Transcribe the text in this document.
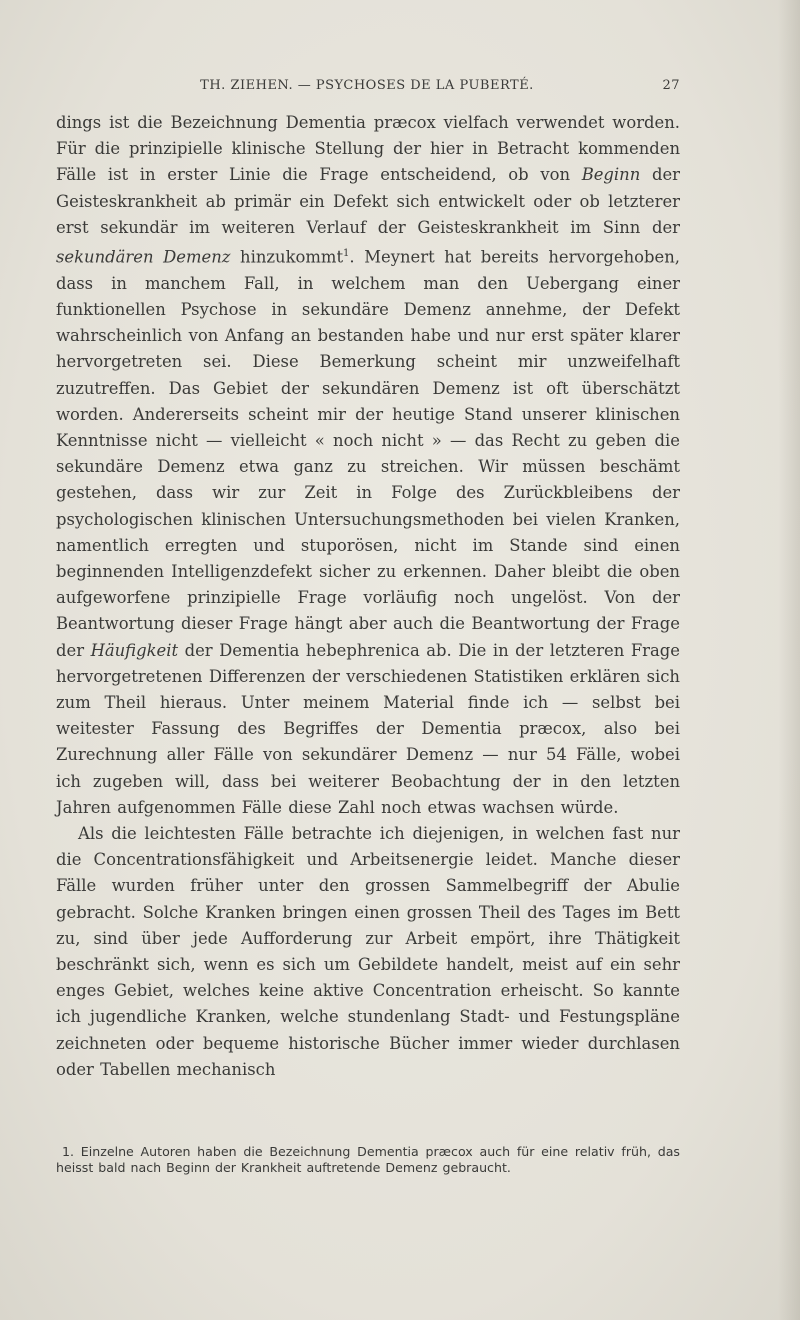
TH. ZIEHEN. — PSYCHOSES DE LA PUBERTÉ.	27

dings ist die Bezeichnung Dementia præcox vielfach verwendet worden. Für die prinzipielle klinische Stellung der hier in Betracht kommenden Fälle ist in erster Linie die Frage entscheidend, ob von Beginn der Geisteskrankheit ab primär ein Defekt sich entwickelt oder ob letzterer erst sekundär im weiteren Verlauf der Geisteskrankheit im Sinn der sekundären Demenz hinzukommt$^1$. Meynert hat bereits hervorgehoben, dass in manchem Fall, in welchem man den Uebergang einer funktionellen Psychose in sekundäre Demenz annehme, der Defekt wahrscheinlich von Anfang an bestanden habe und nur erst später klarer hervorgetreten sei. Diese Bemerkung scheint mir unzweifelhaft zuzutreffen. Das Gebiet der sekundären Demenz ist oft überschätzt worden. Andererseits scheint mir der heutige Stand unserer klinischen Kenntnisse nicht — vielleicht « noch nicht » — das Recht zu geben die sekundäre Demenz etwa ganz zu streichen. Wir müssen beschämt gestehen, dass wir zur Zeit in Folge des Zurückbleibens der psychologischen klinischen Untersuchungsmethoden bei vielen Kranken, namentlich erregten und stuporösen, nicht im Stande sind einen beginnenden Intelligenzdefekt sicher zu erkennen. Daher bleibt die oben aufgeworfene prinzipielle Frage vorläufig noch ungelöst. Von der Beantwortung dieser Frage hängt aber auch die Beantwortung der Frage der Häufigkeit der Dementia hebephrenica ab. Die in der letzteren Frage hervorgetretenen Differenzen der verschiedenen Statistiken erklären sich zum Theil hieraus. Unter meinem Material finde ich — selbst bei weitester Fassung des Begriffes der Dementia præcox, also bei Zurechnung aller Fälle von sekundärer Demenz — nur 54 Fälle, wobei ich zugeben will, dass bei weiterer Beobachtung der in den letzten Jahren aufgenommen Fälle diese Zahl noch etwas wachsen würde.

Als die leichtesten Fälle betrachte ich diejenigen, in welchen fast nur die Concentrationsfähigkeit und Arbeitsenergie leidet. Manche dieser Fälle wurden früher unter den grossen Sammelbegriff der Abulie gebracht. Solche Kranken bringen einen grossen Theil des Tages im Bett zu, sind über jede Aufforderung zur Arbeit empört, ihre Thätigkeit beschränkt sich, wenn es sich um Gebildete handelt, meist auf ein sehr enges Gebiet, welches keine aktive Concentration erheischt. So kannte ich jugendliche Kranken, welche stundenlang Stadt- und Festungspläne zeichneten oder bequeme historische Bücher immer wieder durchlasen oder Tabellen mechanisch

1. Einzelne Autoren haben die Bezeichnung Dementia præcox auch für eine relativ früh, das heisst bald nach Beginn der Krankheit auftretende Demenz gebraucht.
